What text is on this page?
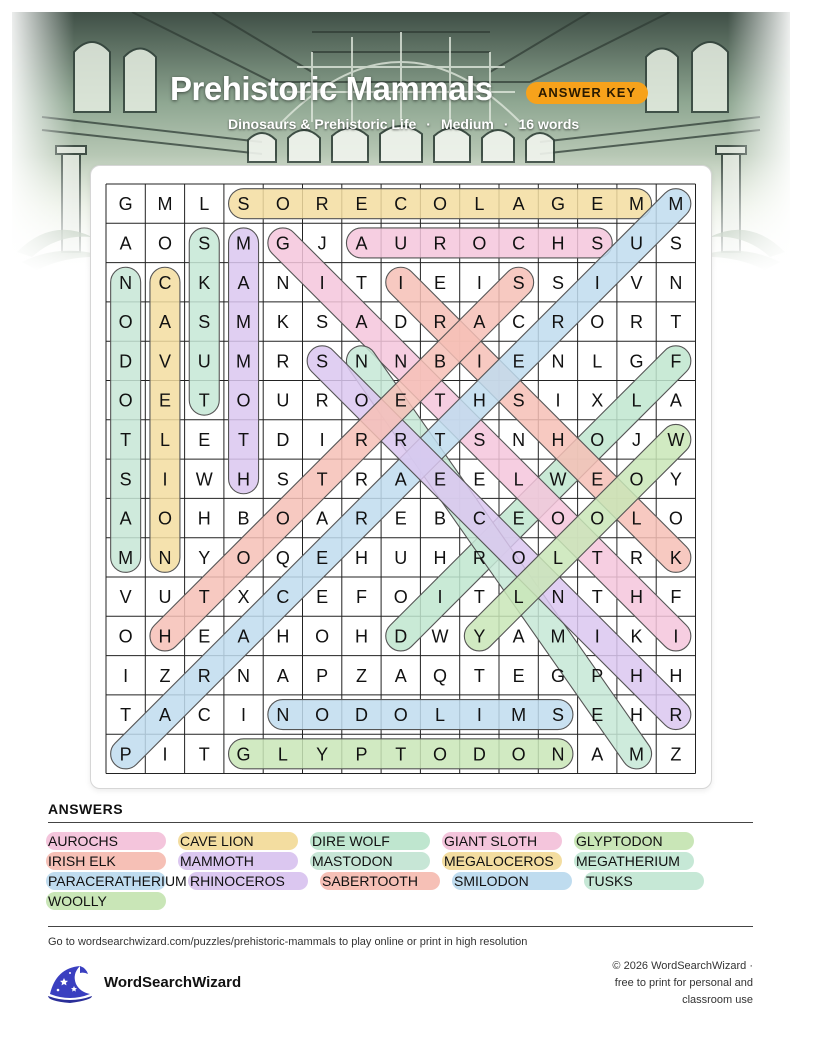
Prehistoric Mammals	ANSWER KEY
Dinosaurs & Prehistoric Life · Medium · 16 words
G M L S O R E C O L A G E M M
A O S M G J A U R O C H S U S
N C K A N I T I E I S S I V N
O A S M K S A D R A C R O R T
D V U M R S N N B I E N L G F
O E T O U R O E T H S I X L A
T L E T D I R R T S N H O J W
S I W H S T R A E E L W E O Y
A O H B O A R E B C E O O L O
M N Y O Q E H U H R O L T R K
V U T X C E F O I T L N T H F
O H E A H O H D W Y A M I K I
I Z R N A P Z A Q T E G P H H
T A C I N O D O L I M S E H R
P I T G L Y P T O D O N A M Z
ANSWERS
AUROCHS	CAVE LION	DIRE WOLF	GIANT SLOTH	GLYPTODON
IRISH ELK	MAMMOTH	MASTODON	MEGALOCEROS MEGATHERIUM
PARACERATHERIUM RHINOCEROS	SABERTOOTH	SMILODON	TUSKS
WOOLLY
Go to wordsearchwizard.com/puzzles/prehistoric-mammals to play online or print in high resolution
WordSearchWizard
© 2026 WordSearchWizard ·
free to print for personal and
classroom use
